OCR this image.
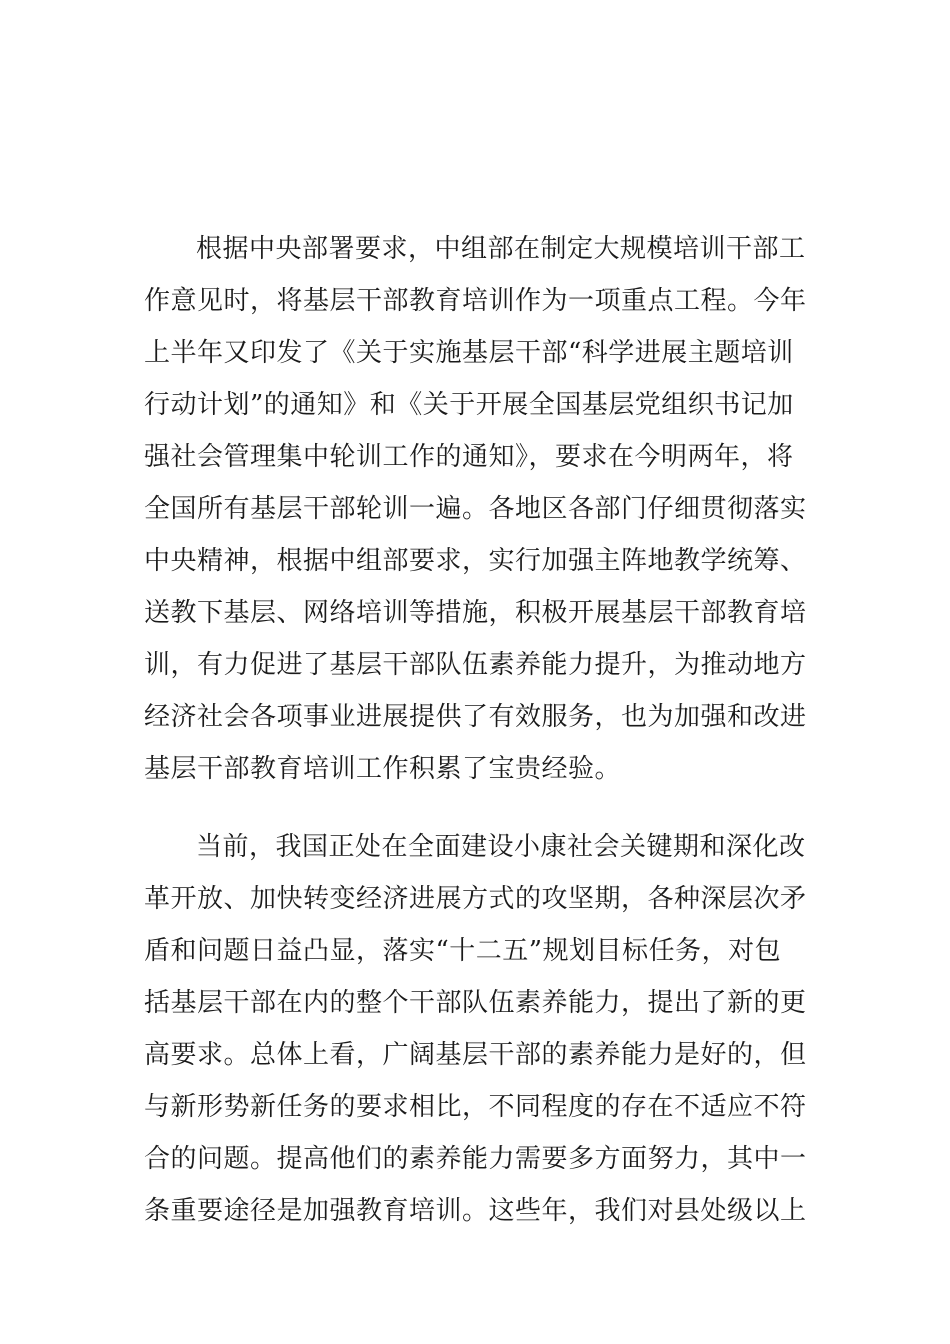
根据中央部署要求，中组部在制定大规模培训干部工
作意见时，将基层干部教育培训作为一项重点工程。今年
上半年又印发了《关于实施基层干部“科学进展主题培训
行动计划”的通知》和《关于开展全国基层党组织书记加
强社会管理集中轮训工作的通知》，要求在今明两年，将
全国所有基层干部轮训一遍。各地区各部门仔细贯彻落实
中央精神，根据中组部要求，实行加强主阵地教学统筹、
送教下基层、网络培训等措施，积极开展基层干部教育培
训，有力促进了基层干部队伍素养能力提升，为推动地方
经济社会各项事业进展提供了有效服务，也为加强和改进
基层干部教育培训工作积累了宝贵经验。
当前，我国正处在全面建设小康社会关键期和深化改
革开放、加快转变经济进展方式的攻坚期，各种深层次矛
盾和问题日益凸显，落实“十二五”规划目标任务，对包
括基层干部在内的整个干部队伍素养能力，提出了新的更
高要求。总体上看，广阔基层干部的素养能力是好的，但
与新形势新任务的要求相比，不同程度的存在不适应不符
合的问题。提高他们的素养能力需要多方面努力，其中一
条重要途径是加强教育培训。这些年，我们对县处级以上
